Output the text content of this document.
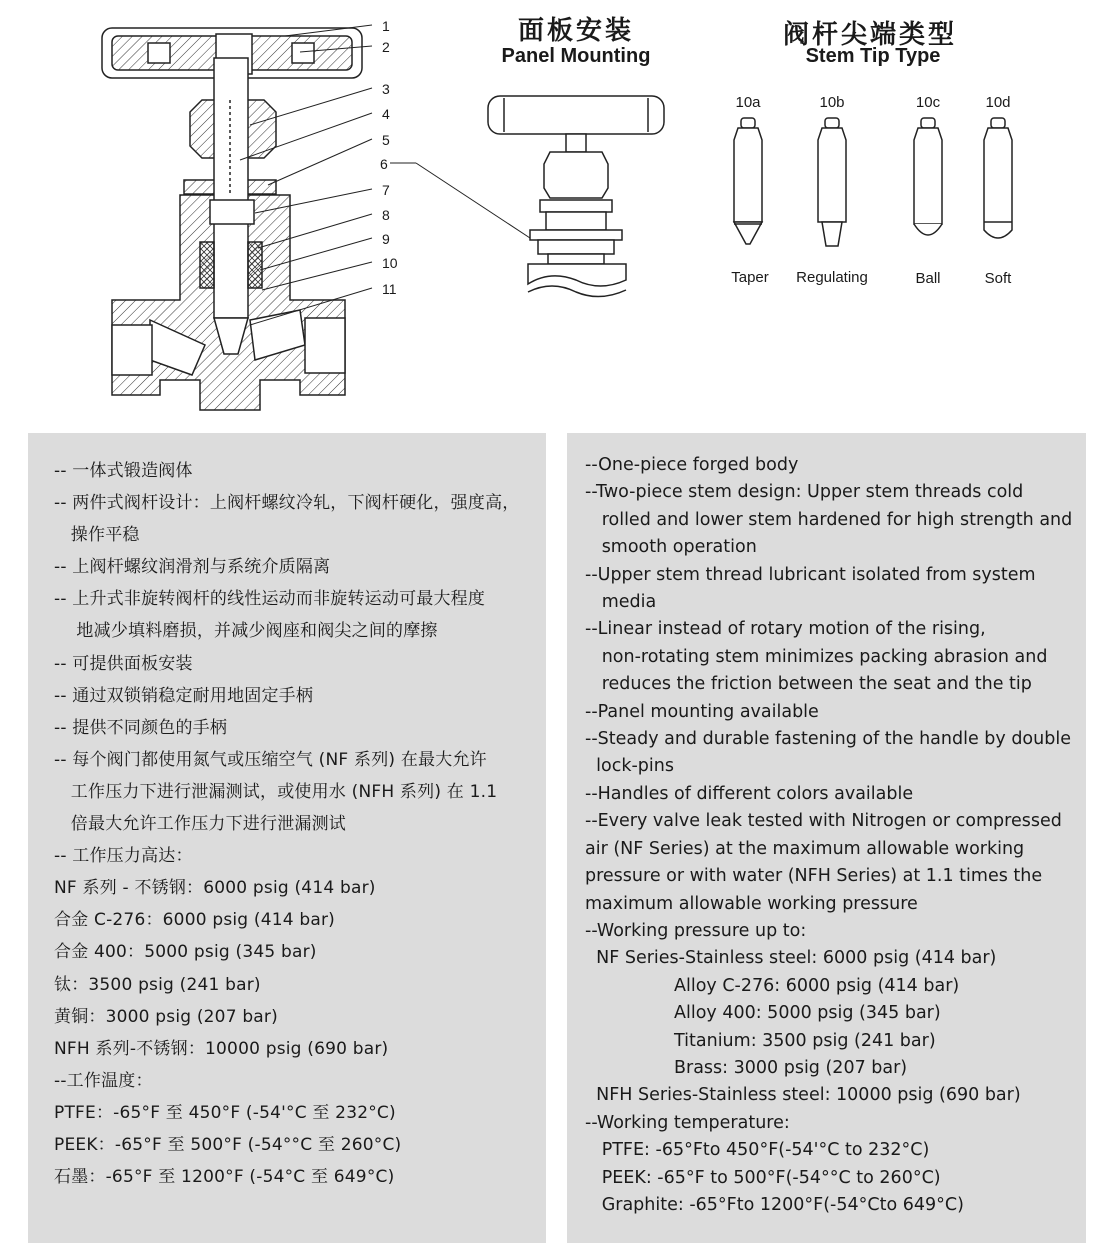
1
2
3
4
5
6
7
8
9
10
11
10a	10b	10c	10d
Taper Regulating	Ball	Soft
面板安装
Panel Mounting
阀杆尖端类型
Stem Tip Type
-- 一体式锻造阀体
-- 两件式阀杆设计：上阀杆螺纹冷轧，下阀杆硬化，强度高，
操作平稳
-- 上阀杆螺纹润滑剂与系统介质隔离
-- 上升式非旋转阀杆的线性运动而非旋转运动可最大程度
地减少填料磨损，并减少阀座和阀尖之间的摩擦
-- 可提供面板安装
-- 通过双锁销稳定耐用地固定手柄
-- 提供不同颜色的手柄
-- 每个阀门都使用氮气或压缩空气 (NF 系列) 在最大允许
工作压力下进行泄漏测试，或使用水 (NFH 系列) 在 1.1
倍最大允许工作压力下进行泄漏测试
-- 工作压力高达：
NF 系列 - 不锈钢：6000 psig (414 bar)
合金 C-276：6000 psig (414 bar)
合金 400：5000 psig (345 bar)
钛：3500 psig (241 bar)
黄铜：3000 psig (207 bar)
NFH 系列-不锈钢：10000 psig (690 bar)
--工作温度：
PTFE：-65°F 至 450°F (-54'°C 至 232°C)
PEEK：-65°F 至 500°F (-54°°C 至 260°C)
石墨：-65°F 至 1200°F (-54°C 至 649°C)
--One-piece forged body
--Two-piece stem design: Upper stem threads cold
rolled and lower stem hardened for high strength and
smooth operation
--Upper stem thread lubricant isolated from system
media
--Linear instead of rotary motion of the rising,
non-rotating stem minimizes packing abrasion and
reduces the friction between the seat and the tip
--Panel mounting available
--Steady and durable fastening of the handle by double
lock-pins
--Handles of different colors available
--Every valve leak tested with Nitrogen or compressed
air (NF Series) at the maximum allowable working
pressure or with water (NFH Series) at 1.1 times the
maximum allowable working pressure
--Working pressure up to:
NF Series-Stainless steel: 6000 psig (414 bar)
Alloy C-276: 6000 psig (414 bar)
Alloy 400: 5000 psig (345 bar)
Titanium: 3500 psig (241 bar)
Brass: 3000 psig (207 bar)
NFH Series-Stainless steel: 10000 psig (690 bar)
--Working temperature:
PTFE: -65°Fto 450°F(-54'°C to 232°C)
PEEK: -65°F to 500°F(-54°°C to 260°C)
Graphite: -65°Fto 1200°F(-54°Cto 649°C)
